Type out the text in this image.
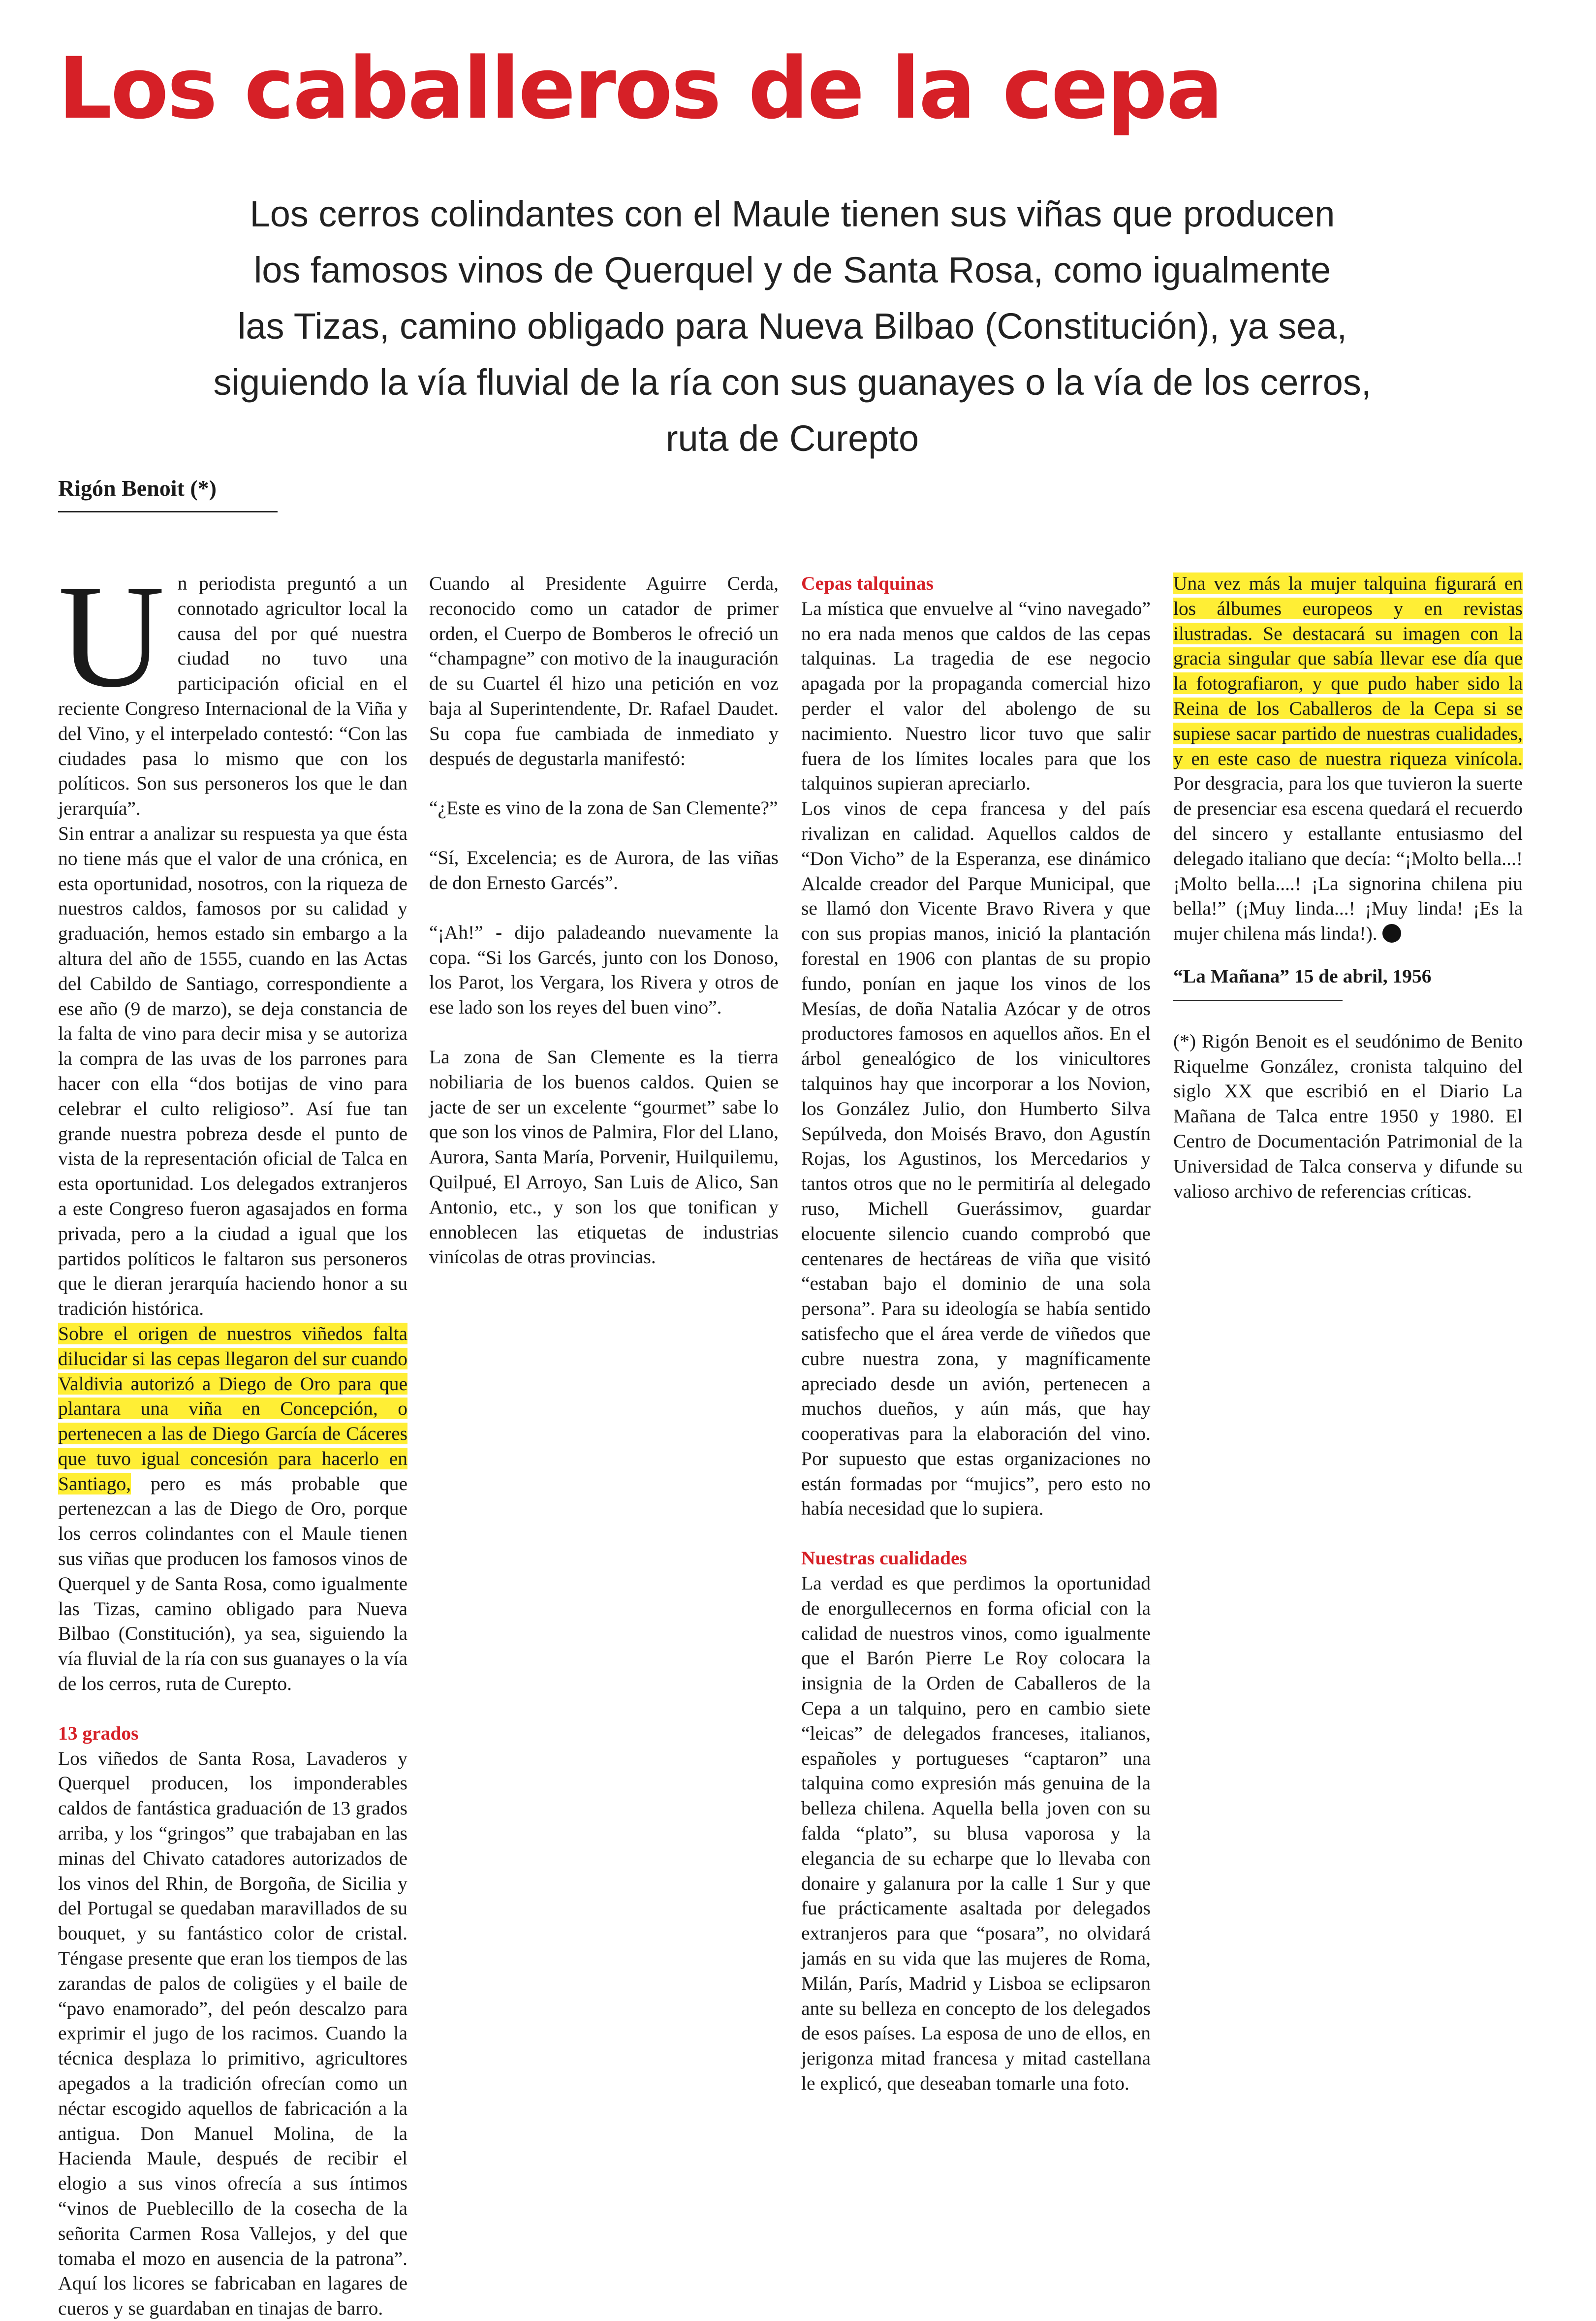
Los caballeros de la cepa
Los cerros colindantes con el Maule tienen sus viñas que producen
los famosos vinos de Querquel y de Santa Rosa, como igualmente
las Tizas, camino obligado para Nueva Bilbao (Constitución), ya sea,
siguiendo la vía fluvial de la ría con sus guanayes o la vía de los cerros,
ruta de Curepto
Rigón Benoit (*)

Un periodista preguntó a un connotado agricultor local la causa del por qué nuestra ciudad no tuvo una participación oficial en el reciente Congreso Internacional de la Viña y del Vino, y el interpelado contestó: “Con las ciudades pasa lo mismo que con los políticos. Son sus personeros los que le dan jerarquía”.

Sin entrar a analizar su respuesta ya que ésta no tiene más que el valor de una crónica, en esta oportunidad, nosotros, con la riqueza de nuestros caldos, famosos por su calidad y graduación, hemos estado sin embargo a la altura del año de 1555, cuando en las Actas del Cabildo de Santiago, correspondiente a ese año (9 de marzo), se deja constancia de la falta de vino para decir misa y se autoriza la compra de las uvas de los parrones para hacer con ella “dos botijas de vino para celebrar el culto religioso”. Así fue tan grande nuestra pobreza desde el punto de vista de la representación oficial de Talca en esta oportunidad. Los delegados extranjeros a este Congreso fueron agasajados en forma privada, pero a la ciudad a igual que los partidos políticos le faltaron sus personeros que le dieran jerarquía haciendo honor a su tradición histórica.

Sobre el origen de nuestros viñedos falta dilucidar si las cepas llegaron del sur cuando Valdivia autorizó a Diego de Oro para que plantara una viña en Concepción, o pertenecen a las de Diego García de Cáceres que tuvo igual concesión para hacerlo en Santiago, pero es más probable que pertenezcan a las de Diego de Oro, porque los cerros colindantes con el Maule tienen sus viñas que producen los famosos vinos de Querquel y de Santa Rosa, como igualmente las Tizas, camino obligado para Nueva Bilbao (Constitución), ya sea, siguiendo la vía fluvial de la ría con sus guanayes o la vía de los cerros, ruta de Curepto.

13 grados

Los viñedos de Santa Rosa, Lavaderos y Querquel producen, los imponderables caldos de fantástica graduación de 13 grados arriba, y los “gringos” que trabajaban en las minas del Chivato catadores autorizados de los vinos del Rhin, de Borgoña, de Sicilia y del Portugal se quedaban maravillados de su bouquet, y su fantástico color de cristal. Téngase presente que eran los tiempos de las zarandas de palos de coligües y el baile de “pavo enamorado”, del peón descalzo para exprimir el jugo de los racimos. Cuando la técnica desplaza lo primitivo, agricultores apegados a la tradición ofrecían como un néctar escogido aquellos de fabricación a la antigua. Don Manuel Molina, de la Hacienda Maule, después de recibir el elogio a sus vinos ofrecía a sus íntimos “vinos de Pueblecillo de la cosecha de la señorita Carmen Rosa Vallejos, y del que tomaba el mozo en ausencia de la patrona”. Aquí los licores se fabricaban en lagares de cueros y se guardaban en tinajas de barro.

Cuando al Presidente Aguirre Cerda, reconocido como un catador de primer orden, el Cuerpo de Bomberos le ofreció un “champagne” con motivo de la inauguración de su Cuartel él hizo una petición en voz baja al Superintendente, Dr. Rafael Daudet. Su copa fue cambiada de inmediato y después de degustarla manifestó:

“¿Este es vino de la zona de San Clemente?”

“Sí, Excelencia; es de Aurora, de las viñas de don Ernesto Garcés”.

“¡Ah!” - dijo paladeando nuevamente la copa. “Si los Garcés, junto con los Donoso, los Parot, los Vergara, los Rivera y otros de ese lado son los reyes del buen vino”.

La zona de San Clemente es la tierra nobiliaria de los buenos caldos. Quien se jacte de ser un excelente “gourmet” sabe lo que son los vinos de Palmira, Flor del Llano, Aurora, Santa María, Porvenir, Huilquilemu, Quilpué, El Arroyo, San Luis de Alico, San Antonio, etc., y son los que tonifican y ennoblecen las etiquetas de industrias vinícolas de otras provincias.

Cepas talquinas

La mística que envuelve al “vino navegado” no era nada menos que caldos de las cepas talquinas. La tragedia de ese negocio apagada por la propaganda comercial hizo perder el valor del abolengo de su nacimiento. Nuestro licor tuvo que salir fuera de los límites locales para que los talquinos supieran apreciarlo.

Los vinos de cepa francesa y del país rivalizan en calidad. Aquellos caldos de “Don Vicho” de la Esperanza, ese dinámico Alcalde creador del Parque Municipal, que se llamó don Vicente Bravo Rivera y que con sus propias manos, inició la plantación forestal en 1906 con plantas de su propio fundo, ponían en jaque los vinos de los Mesías, de doña Natalia Azócar y de otros productores famosos en aquellos años. En el árbol genealógico de los vinicultores talquinos hay que incorporar a los Novion, los González Julio, don Humberto Silva Sepúlveda, don Moisés Bravo, don Agustín Rojas, los Agustinos, los Mercedarios y tantos otros que no le permitiría al delegado ruso, Michell Guerássimov, guardar elocuente silencio cuando comprobó que centenares de hectáreas de viña que visitó “estaban bajo el dominio de una sola persona”. Para su ideología se había sentido satisfecho que el área verde de viñedos que cubre nuestra zona, y magníficamente apreciado desde un avión, pertenecen a muchos dueños, y aún más, que hay cooperativas para la elaboración del vino. Por supuesto que estas organizaciones no están formadas por “mujics”, pero esto no había necesidad que lo supiera.

Nuestras cualidades

La verdad es que perdimos la oportunidad de enorgullecernos en forma oficial con la calidad de nuestros vinos, como igualmente que el Barón Pierre Le Roy colocara la insignia de la Orden de Caballeros de la Cepa a un talquino, pero en cambio siete “leicas” de delegados franceses, italianos, españoles y portugueses “captaron” una talquina como expresión más genuina de la belleza chilena. Aquella bella joven con su falda “plato”, su blusa vaporosa y la elegancia de su echarpe que lo llevaba con donaire y galanura por la calle 1 Sur y que fue prácticamente asaltada por delegados extranjeros para que “posara”, no olvidará jamás en su vida que las mujeres de Roma, Milán, París, Madrid y Lisboa se eclipsaron ante su belleza en concepto de los delegados de esos países. La esposa de uno de ellos, en jerigonza mitad francesa y mitad castellana le explicó, que deseaban tomarle una foto.

Una vez más la mujer talquina figurará en los álbumes europeos y en revistas ilustradas. Se destacará su imagen con la gracia singular que sabía llevar ese día que la fotografiaron, y que pudo haber sido la Reina de los Caballeros de la Cepa si se supiese sacar partido de nuestras cualidades, y en este caso de nuestra riqueza vinícola. Por desgracia, para los que tuvieron la suerte de presenciar esa escena quedará el recuerdo del sincero y estallante entusiasmo del delegado italiano que decía: “¡Molto bella...! ¡Molto bella....! ¡La signorina chilena piu bella!” (¡Muy linda...! ¡Muy linda! ¡Es la mujer chilena más linda!).

“La Mañana” 15 de abril, 1956

(*) Rigón Benoit es el seudónimo de Benito Riquelme González, cronista talquino del siglo XX que escribió en el Diario La Mañana de Talca entre 1950 y 1980. El Centro de Documentación Patrimonial de la Universidad de Talca conserva y difunde su valioso archivo de referencias críticas.
